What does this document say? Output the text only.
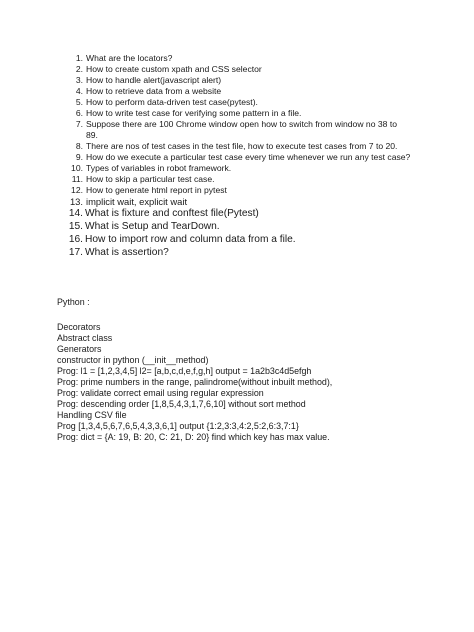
1. What are the locators?
2. How to create custom xpath and CSS selector
3. How to handle alert(javascript alert)
4. How to retrieve data from a website
5. How to perform data-driven test case(pytest).
6. How to write test case for verifying some pattern in a file.
7. Suppose there are 100 Chrome window open how to switch from window no 38 to
89.
8. There are nos of test cases in the test file, how to execute test cases from 7 to 20.
9. How do we execute a particular test case every time whenever we run any test case?
10. Types of variables in robot framework.
11. How to skip a particular test case.
12. How to generate html report in pytest
13. implicit wait, explicit wait
14. What is fixture and conftest file(Pytest)
15. What is Setup and TearDown.
16. How to import row and column data from a file.
17. What is assertion?
Python :
Decorators
Abstract class
Generators
constructor in python (__init__method)
Prog: l1 = [1,2,3,4,5] l2= [a,b,c,d,e,f,g,h] output = 1a2b3c4d5efgh
Prog: prime numbers in the range, palindrome(without inbuilt method),
Prog: validate correct email using regular expression
Prog: descending order [1,8,5,4,3,1,7,6,10] without sort method
Handling CSV file
Prog [1,3,4,5,6,7,6,5,4,3,3,6,1] output {1:2,3:3,4:2,5:2,6:3,7:1}
Prog: dict = {A: 19, B: 20, C: 21, D: 20} find which key has max value.
